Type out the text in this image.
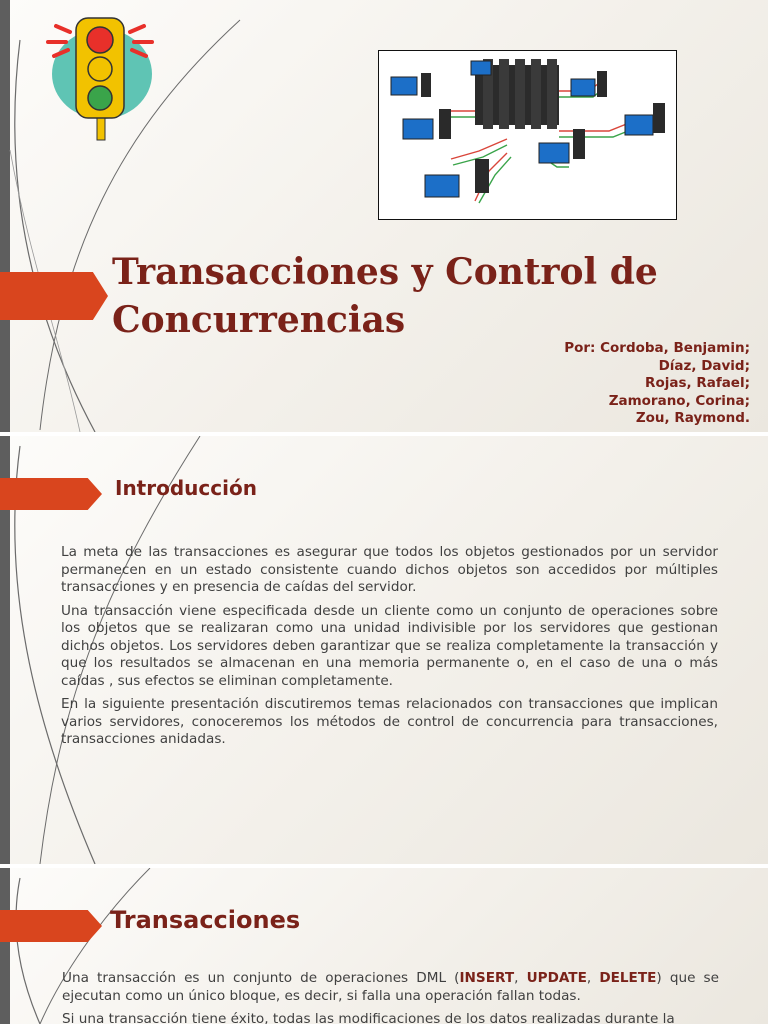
Transacciones y Control de
Concurrencias
Por: Cordoba, Benjamin;
Díaz, David;
Rojas, Rafael;
Zamorano, Corina;
Zou, Raymond.
Introducción

La meta de las transacciones es asegurar que todos los objetos gestionados por un servidor permanecen en un estado consistente cuando dichos objetos son accedidos por múltiples transacciones y en presencia de caídas del servidor.

Una transacción viene especificada desde un cliente como un conjunto de operaciones sobre los objetos que se realizaran como una unidad indivisible por los servidores que gestionan dichos objetos. Los servidores deben garantizar que se realiza completamente la transacción y que los resultados se almacenan en una memoria permanente o, en el caso de una o más caídas , sus efectos se eliminan completamente.

En la siguiente presentación discutiremos temas relacionados con transacciones que implican varios servidores, conoceremos los métodos de control de concurrencia para transacciones, transacciones anidadas.

Transacciones

Una transacción es un conjunto de operaciones DML (INSERT, UPDATE, DELETE) que se ejecutan como un único bloque, es decir, si falla una operación fallan todas.

Si una transacción tiene éxito, todas las modificaciones de los datos realizadas durante la
